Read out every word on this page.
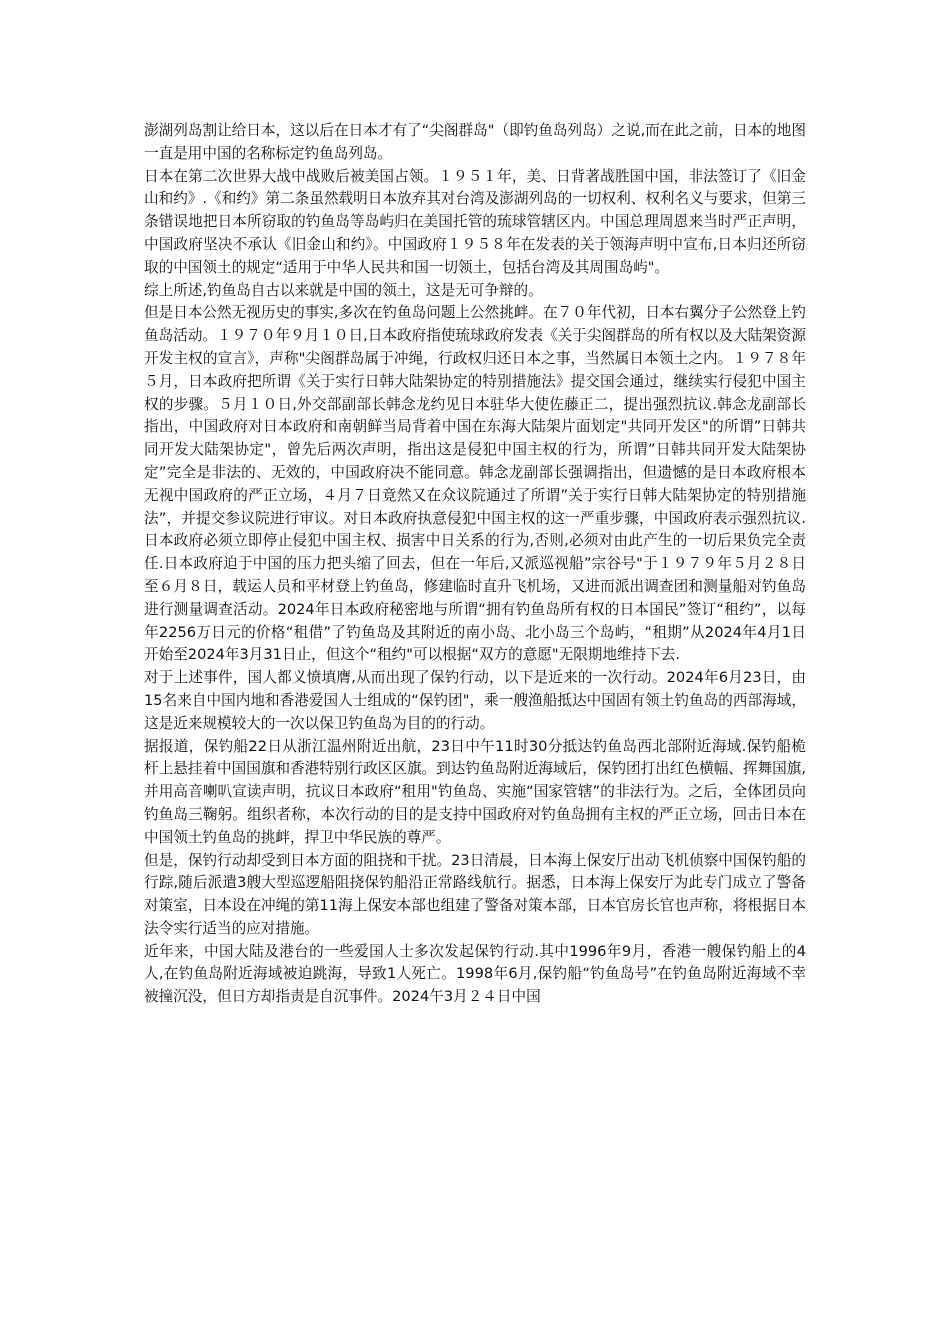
澎湖列岛割让给日本，这以后在日本才有了“尖阁群岛"（即钓鱼岛列岛）之说,而在此之前，日本的地图一直是用中国的名称标定钓鱼岛列岛。

日本在第二次世界大战中战败后被美国占领。１９５１年，美、日背著战胜国中国，非法签订了《旧金山和约》.《和约》第二条虽然载明日本放弃其对台湾及澎湖列岛的一切权利、权利名义与要求，但第三条错误地把日本所窃取的钓鱼岛等岛屿归在美国托管的琉球管辖区内。中国总理周恩来当时严正声明，中国政府坚决不承认《旧金山和约》。中国政府１９５８年在发表的关于领海声明中宣布,日本归还所窃取的中国领土的规定“适用于中华人民共和国一切领土，包括台湾及其周围岛屿"。

综上所述,钓鱼岛自古以来就是中国的领土，这是无可争辩的。

但是日本公然无视历史的事实,多次在钓鱼岛问题上公然挑衅。在７０年代初，日本右翼分子公然登上钓鱼岛活动。１９７０年９月１０日,日本政府指使琉球政府发表《关于尖阁群岛的所有权以及大陆架资源开发主权的宣言》，声称"尖阁群岛属于冲绳，行政权归还日本之事，当然属日本领土之内。１９７８年５月，日本政府把所谓《关于实行日韩大陆架协定的特别措施法》提交国会通过，继续实行侵犯中国主权的步骤。５月１０日,外交部副部长韩念龙约见日本驻华大使佐藤正二，提出强烈抗议.韩念龙副部长指出，中国政府对日本政府和南朝鲜当局背着中国在东海大陆架片面划定"共同开发区"的所谓”日韩共同开发大陆架协定"，曾先后两次声明，指出这是侵犯中国主权的行为，所谓”日韩共同开发大陆架协定”完全是非法的、无效的，中国政府决不能同意。韩念龙副部长强调指出，但遗憾的是日本政府根本无视中国政府的严正立场，４月７日竟然又在众议院通过了所谓”关于实行日韩大陆架协定的特别措施法”，并提交参议院进行审议。对日本政府执意侵犯中国主权的这一严重步骤，中国政府表示强烈抗议.日本政府必须立即停止侵犯中国主权、损害中日关系的行为,否则,必须对由此产生的一切后果负完全责任.日本政府迫于中国的压力把头缩了回去，但在一年后,又派巡视船”宗谷号"于１９７９年５月２８日至６月８日，载运人员和平材登上钓鱼岛，修建临时直升飞机场，又进而派出调查团和测量船对钓鱼岛进行测量调查活动。2024年日本政府秘密地与所谓“拥有钓鱼岛所有权的日本国民”签订“租约”，以每年2256万日元的价格“租借”了钓鱼岛及其附近的南小岛、北小岛三个岛屿，“租期”从2024年4月1日开始至2024年3月31日止，但这个“租约"可以根据“双方的意愿"无限期地维持下去.

对于上述事件，国人都义愤填膺,从而出现了保钓行动，以下是近来的一次行动。2024年6月23日，由15名来自中国内地和香港爱国人士组成的“保钓团"，乘一艘渔船抵达中国固有领土钓鱼岛的西部海域，这是近来规模较大的一次以保卫钓鱼岛为目的的行动。

据报道，保钓船22日从浙江温州附近出航，23日中午11时30分抵达钓鱼岛西北部附近海域.保钓船桅杆上悬挂着中国国旗和香港特别行政区区旗。到达钓鱼岛附近海域后，保钓团打出红色横幅、挥舞国旗,并用高音喇叭宣读声明，抗议日本政府“租用"钓鱼岛、实施“国家管辖”的非法行为。之后，全体团员向钓鱼岛三鞠躬。组织者称，本次行动的目的是支持中国政府对钓鱼岛拥有主权的严正立场，回击日本在中国领土钓鱼岛的挑衅，捍卫中华民族的尊严。

但是，保钓行动却受到日本方面的阻挠和干扰。23日清晨，日本海上保安厅出动飞机侦察中国保钓船的行踪,随后派遣3艘大型巡逻船阻挠保钓船沿正常路线航行。据悉，日本海上保安厅为此专门成立了警备对策室，日本设在冲绳的第11海上保安本部也组建了警备对策本部，日本官房长官也声称，将根据日本法令实行适当的应对措施。

近年来，中国大陆及港台的一些爱国人士多次发起保钓行动.其中1996年9月，香港一艘保钓船上的4人,在钓鱼岛附近海域被迫跳海，导致1人死亡。1998年6月,保钓船“钓鱼岛号”在钓鱼岛附近海域不幸被撞沉没，但日方却指责是自沉事件。2024午3月２４日中国
